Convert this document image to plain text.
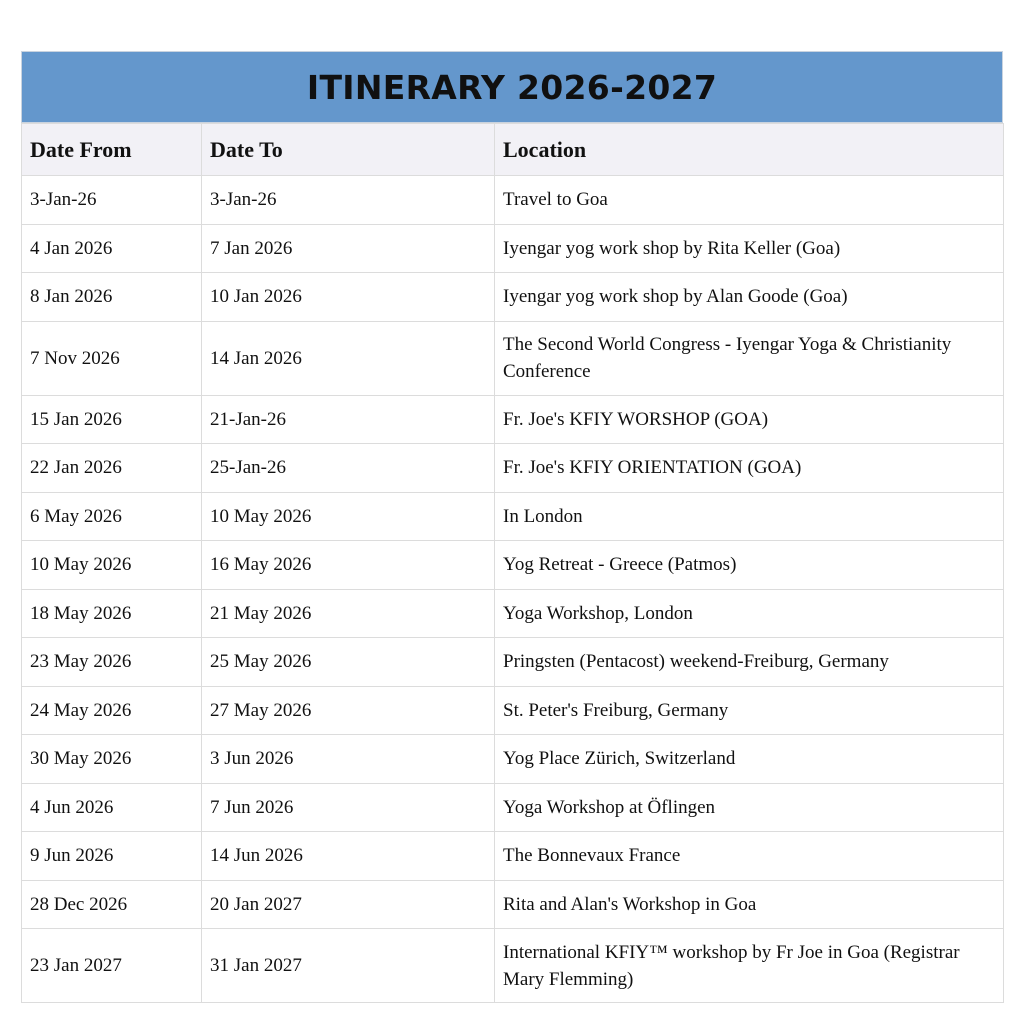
ITINERARY 2026-2027
Date From	Date To	Location
3-Jan-26	3-Jan-26	Travel to Goa
4 Jan 2026	7 Jan 2026	Iyengar yog work shop by Rita Keller (Goa)
8 Jan 2026	10 Jan 2026	Iyengar yog work shop by Alan Goode (Goa)
7 Nov 2026	14 Jan 2026	The Second World Congress - Iyengar Yoga & Christianity Conference
15 Jan 2026	21-Jan-26	Fr. Joe's KFIY WORSHOP (GOA)
22 Jan 2026	25-Jan-26	Fr. Joe's KFIY ORIENTATION (GOA)
6 May 2026	10 May 2026	In London
10 May 2026	16 May 2026	Yog Retreat - Greece (Patmos)
18 May 2026	21 May 2026	Yoga Workshop, London
23 May 2026	25 May 2026	Pringsten (Pentacost) weekend-Freiburg, Germany
24 May 2026	27 May 2026	St. Peter's Freiburg, Germany
30 May 2026	3 Jun 2026	Yog Place Zürich, Switzerland
4 Jun 2026	7 Jun 2026	Yoga Workshop at Öflingen
9 Jun 2026	14 Jun 2026	The Bonnevaux France
28 Dec 2026	20 Jan 2027	Rita and Alan's Workshop in Goa
23 Jan 2027	31 Jan 2027	International KFIY™ workshop by Fr Joe in Goa (Registrar Mary Flemming)
